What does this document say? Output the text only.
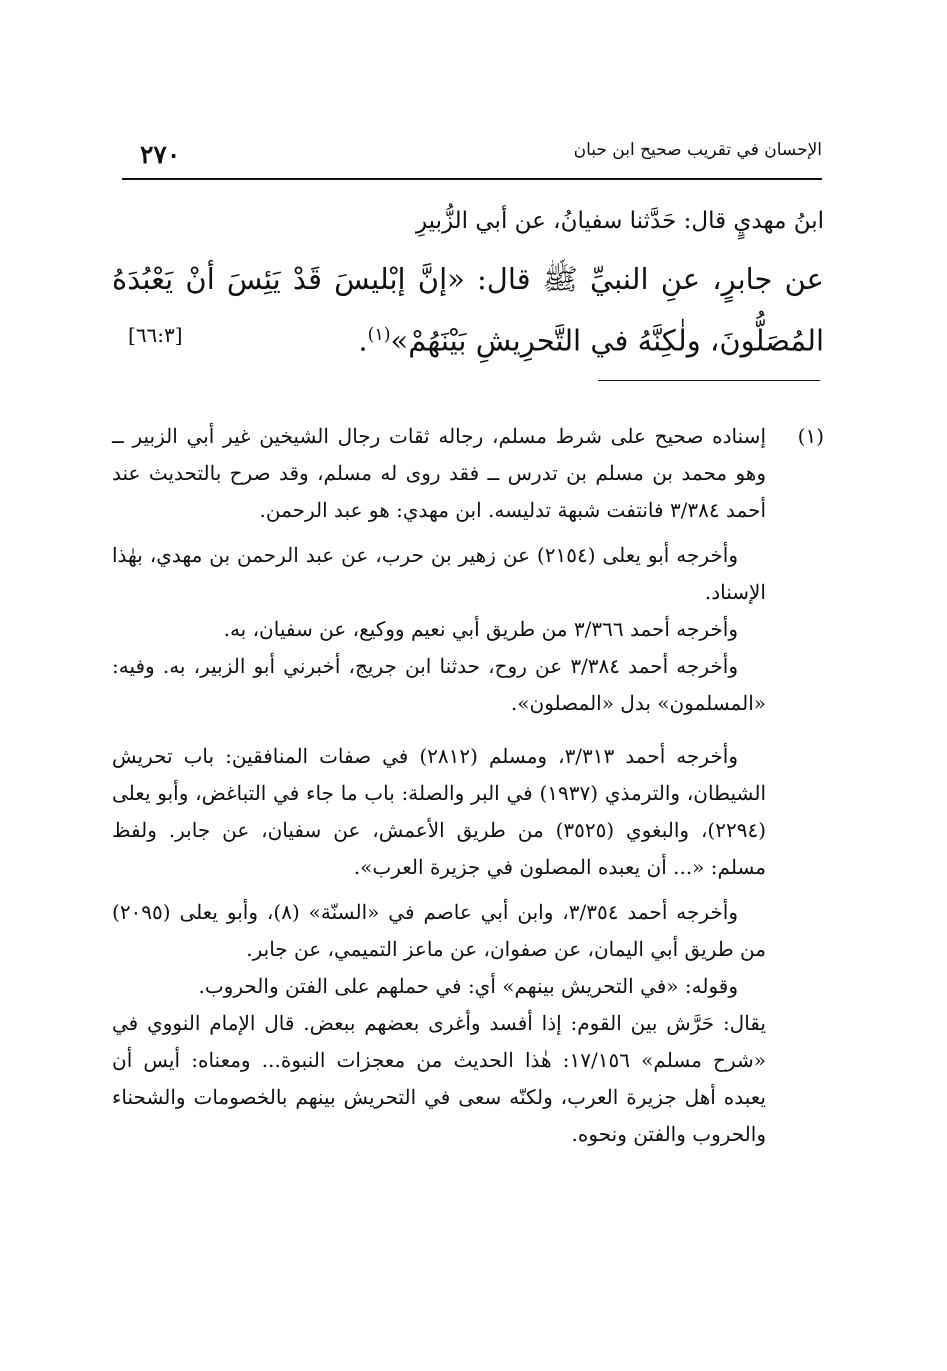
٢٧٠	الإحسان في تقريب صحيح ابن حبان
ابنُ مهديٍ قال: حَدَّثنا سفيانُ، عن أبي الزُّبيرِ
عن جابرٍ، عنِ النبيِّ ﷺ قال: «إنَّ إبْليسَ قَدْ يَئِسَ أنْ يَعْبُدَهُ
المُصَلُّونَ، ولٰكِنَّهُ في التَّحرِيشِ بَيْنَهُمْ»$^{(١)}$.
[٦٦:٣]
(١)

إسناده صحيح على شرط مسلم، رجاله ثقات رجال الشيخين غير أبي الزبير ــ وهو محمد بن مسلم بن تدرس ــ فقد روى له مسلم، وقد صرح بالتحديث عند أحمد ٣/٣٨٤ فانتفت شبهة تدليسه. ابن مهدي: هو عبد الرحمن.

وأخرجه أبو يعلى (٢١٥٤) عن زهير بن حرب، عن عبد الرحمن بن مهدي، بهٰذا الإسناد.

وأخرجه أحمد ٣/٣٦٦ من طريق أبي نعيم ووكيع، عن سفيان، به.

وأخرجه أحمد ٣/٣٨٤ عن روح، حدثنا ابن جريج، أخبرني أبو الزبير، به. وفيه: «المسلمون» بدل «المصلون».

وأخرجه أحمد ٣/٣١٣، ومسلم (٢٨١٢) في صفات المنافقين: باب تحريش الشيطان، والترمذي (١٩٣٧) في البر والصلة: باب ما جاء في التباغض، وأبو يعلى (٢٢٩٤)، والبغوي (٣٥٢٥) من طريق الأعمش، عن سفيان، عن جابر. ولفظ مسلم: «... أن يعبده المصلون في جزيرة العرب».

وأخرجه أحمد ٣/٣٥٤، وابن أبي عاصم في «السنّة» (٨)، وأبو يعلى (٢٠٩٥) من طريق أبي اليمان، عن صفوان، عن ماعز التميمي، عن جابر.

وقوله: «في التحريش بينهم» أي: في حملهم على الفتن والحروب.

يقال: حَرَّش بين القوم: إذا أفسد وأغرى بعضهم ببعض. قال الإمام النووي في «شرح مسلم» ١٧/١٥٦: هٰذا الحديث من معجزات النبوة... ومعناه: أيس أن يعبده أهل جزيرة العرب، ولكنّه سعى في التحريش بينهم بالخصومات والشحناء والحروب والفتن ونحوه.
